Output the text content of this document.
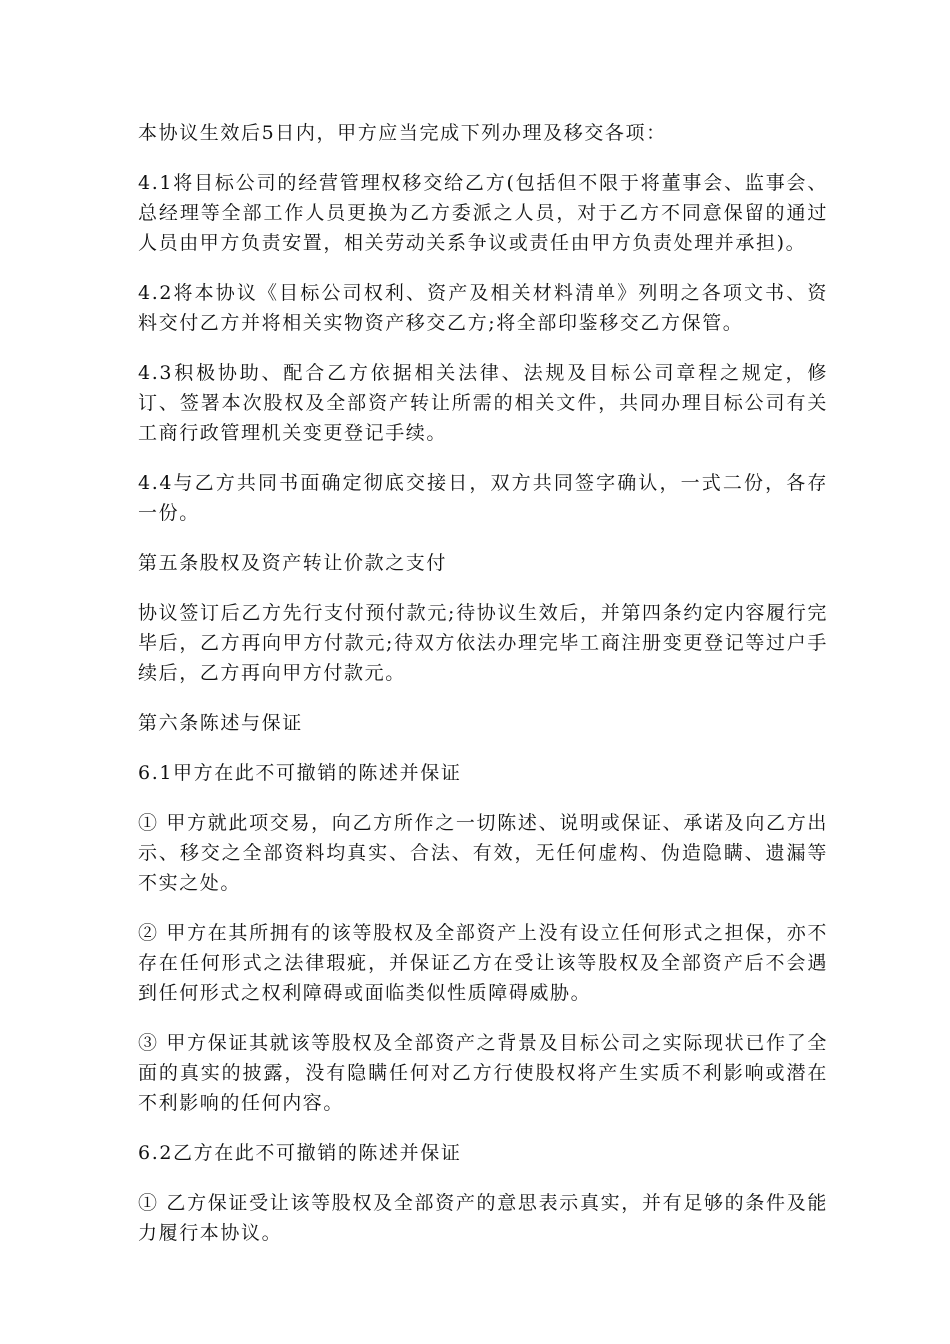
本协议生效后5日内，甲方应当完成下列办理及移交各项：

4.1将目标公司的经营管理权移交给乙方(包括但不限于将董事会、监事会、总经理等全部工作人员更换为乙方委派之人员，对于乙方不同意保留的通过人员由甲方负责安置，相关劳动关系争议或责任由甲方负责处理并承担)。

4.2将本协议《目标公司权利、资产及相关材料清单》列明之各项文书、资料交付乙方并将相关实物资产移交乙方;将全部印鉴移交乙方保管。

4.3积极协助、配合乙方依据相关法律、法规及目标公司章程之规定，修订、签署本次股权及全部资产转让所需的相关文件，共同办理目标公司有关工商行政管理机关变更登记手续。

4.4与乙方共同书面确定彻底交接日，双方共同签字确认，一式二份，各存一份。

第五条股权及资产转让价款之支付

协议签订后乙方先行支付预付款元;待协议生效后，并第四条约定内容履行完毕后，乙方再向甲方付款元;待双方依法办理完毕工商注册变更登记等过户手续后，乙方再向甲方付款元。

第六条陈述与保证

6.1甲方在此不可撤销的陈述并保证

① 甲方就此项交易，向乙方所作之一切陈述、说明或保证、承诺及向乙方出示、移交之全部资料均真实、合法、有效，无任何虚构、伪造隐瞒、遗漏等不实之处。

② 甲方在其所拥有的该等股权及全部资产上没有设立任何形式之担保，亦不存在任何形式之法律瑕疵，并保证乙方在受让该等股权及全部资产后不会遇到任何形式之权利障碍或面临类似性质障碍威胁。

③ 甲方保证其就该等股权及全部资产之背景及目标公司之实际现状已作了全面的真实的披露，没有隐瞒任何对乙方行使股权将产生实质不利影响或潜在不利影响的任何内容。

6.2乙方在此不可撤销的陈述并保证

① 乙方保证受让该等股权及全部资产的意思表示真实，并有足够的条件及能力履行本协议。
